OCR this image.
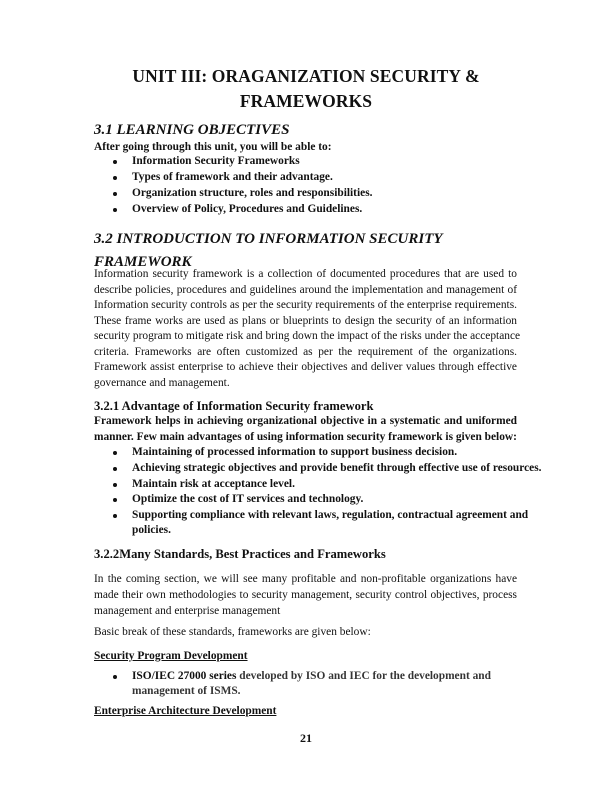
UNIT III: ORAGANIZATION SECURITY &
FRAMEWORKS
3.1 LEARNING OBJECTIVES
After going through this unit, you will be able to:
Information Security Frameworks
Types of framework and their advantage.
Organization structure, roles and responsibilities.
Overview of Policy, Procedures and Guidelines.
3.2 INTRODUCTION TO INFORMATION SECURITY
FRAMEWORK
Information security framework is a collection of documented procedures that are used to
describe policies, procedures and guidelines around the implementation and management of
Information security controls as per the security requirements of the enterprise requirements.
These frame works are used as plans or blueprints to design the security of an information
security program to mitigate risk and bring down the impact of the risks under the acceptance
criteria. Frameworks are often customized as per the requirement of the organizations.
Framework assist enterprise to achieve their objectives and deliver values through effective
governance and management.
3.2.1 Advantage of Information Security framework
Framework helps in achieving organizational objective in a systematic and uniformed
manner. Few main advantages of using information security framework is given below:
Maintaining of processed information to support business decision.
Achieving strategic objectives and provide benefit through effective use of resources.
Maintain risk at acceptance level.
Optimize the cost of IT services and technology.
Supporting compliance with relevant laws, regulation, contractual agreement and
policies.
3.2.2Many Standards, Best Practices and Frameworks
In the coming section, we will see many profitable and non-profitable organizations have
made their own methodologies to security management, security control objectives, process
management and enterprise management
Basic break of these standards, frameworks are given below:
Security Program Development
ISO/IEC 27000 series developed by ISO and IEC for the development and
management of ISMS.
Enterprise Architecture Development
21
